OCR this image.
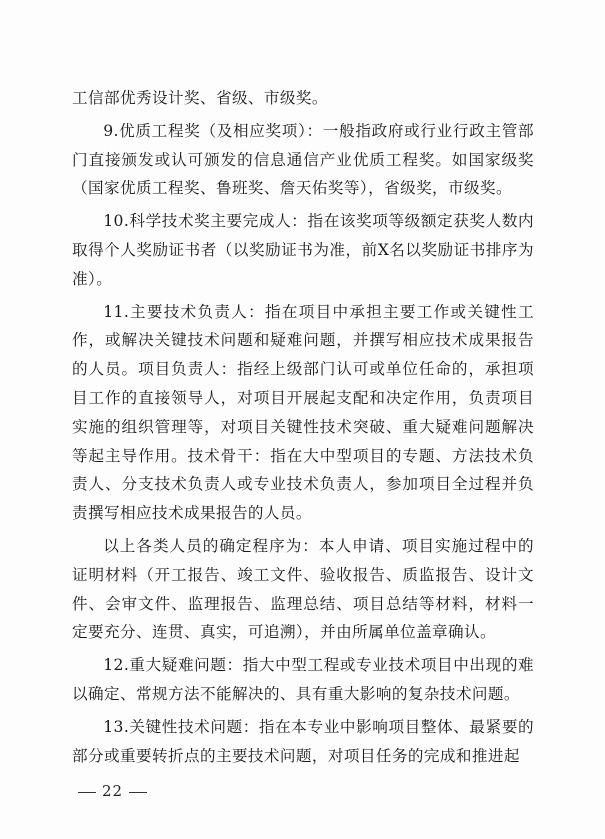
工信部优秀设计奖、省级、市级奖。

9.优质工程奖（及相应奖项）：一般指政府或行业行政主管部门直接颁发或认可颁发的信息通信产业优质工程奖。如国家级奖（国家优质工程奖、鲁班奖、詹天佑奖等），省级奖，市级奖。

10.科学技术奖主要完成人：指在该奖项等级额定获奖人数内取得个人奖励证书者（以奖励证书为准，前X名以奖励证书排序为准）。

11.主要技术负责人：指在项目中承担主要工作或关键性工作，或解决关键技术问题和疑难问题，并撰写相应技术成果报告的人员。项目负责人：指经上级部门认可或单位任命的，承担项目工作的直接领导人，对项目开展起支配和决定作用，负责项目实施的组织管理等，对项目关键性技术突破、重大疑难问题解决等起主导作用。技术骨干：指在大中型项目的专题、方法技术负责人、分支技术负责人或专业技术负责人，参加项目全过程并负责撰写相应技术成果报告的人员。

以上各类人员的确定程序为：本人申请、项目实施过程中的证明材料（开工报告、竣工文件、验收报告、质监报告、设计文件、会审文件、监理报告、监理总结、项目总结等材料，材料一定要充分、连贯、真实，可追溯），并由所属单位盖章确认。

12.重大疑难问题：指大中型工程或专业技术项目中出现的难以确定、常规方法不能解决的、具有重大影响的复杂技术问题。

13.关键性技术问题：指在本专业中影响项目整体、最紧要的部分或重要转折点的主要技术问题，对项目任务的完成和推进起

22
